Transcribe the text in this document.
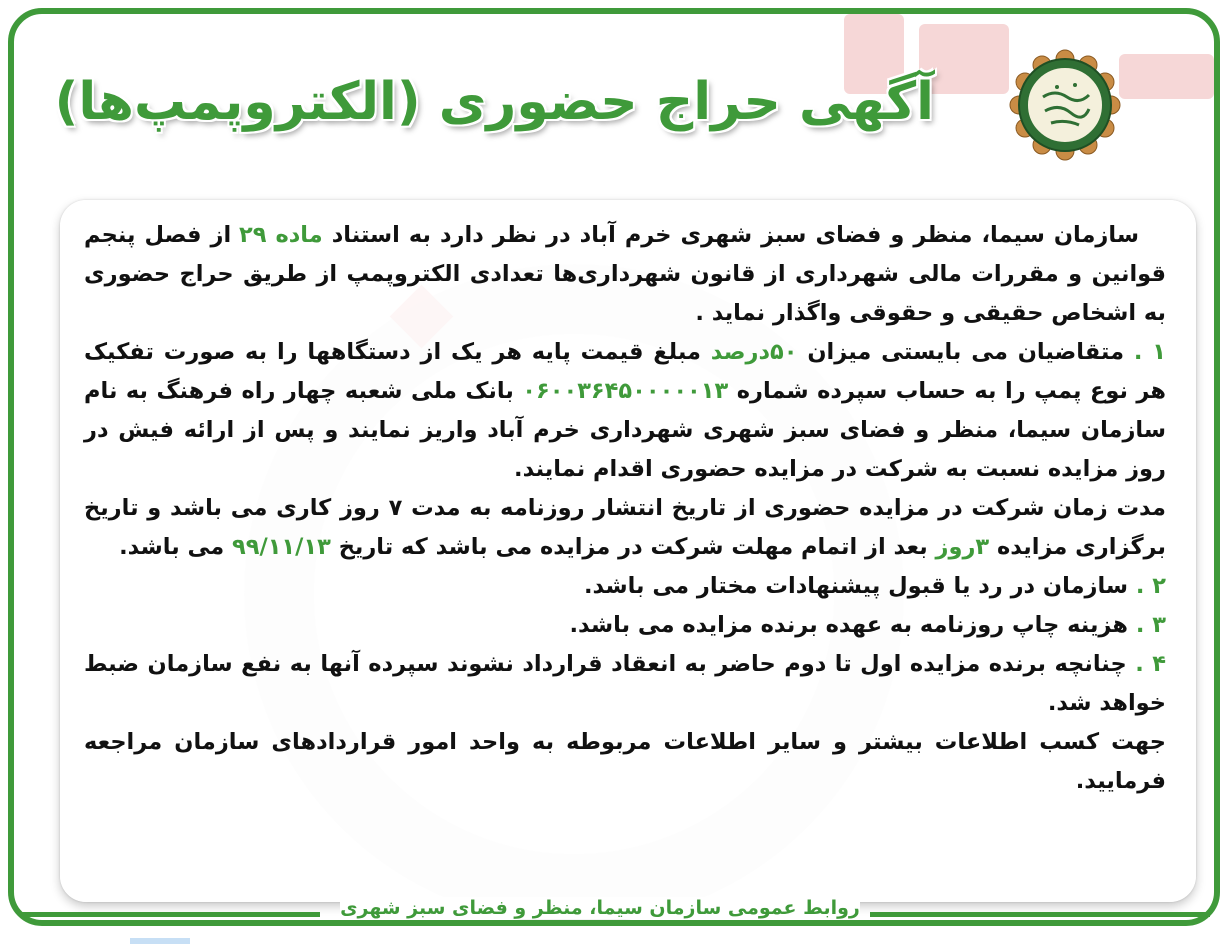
آگهی حراج حضوری (الکتروپمپ‌ها)

سازمان سیما، منظر و فضای سبز شهری خرم آباد در نظر دارد به استناد ماده ۲۹ از فصل پنجم قوانین و مقررات مالی شهرداری از قانون شهرداری‌ها تعدادی الکتروپمپ از طریق حراج حضوری به اشخاص حقیقی و حقوقی واگذار نماید .

۱ . متقاضیان می بایستی میزان ۵۰درصد مبلغ قیمت پایه هر یک از دستگاهها را به صورت تفکیک هر نوع پمپ را به حساب سپرده شماره ۰۶۰۰۳۶۴۵۰۰۰۰۰۱۳ بانک ملی شعبه چهار راه فرهنگ به نام سازمان سیما، منظر و فضای سبز شهری شهرداری خرم آباد واریز نمایند و پس از ارائه فیش در روز مزایده نسبت به شرکت در مزایده حضوری اقدام نمایند.

مدت زمان شرکت در مزایده حضوری از تاریخ انتشار روزنامه به مدت ۷ روز کاری می باشد و تاریخ برگزاری مزایده ۳روز بعد از اتمام مهلت شرکت در مزایده می باشد که تاریخ ۹۹/۱۱/۱۳ می باشد.

۲ . سازمان در رد یا قبول پیشنهادات مختار می باشد.

۳ . هزینه چاپ روزنامه به عهده برنده مزایده می باشد.

۴ . چنانچه برنده مزایده اول تا دوم حاضر به انعقاد قرارداد نشوند سپرده آنها به نفع سازمان ضبط خواهد شد.

جهت کسب اطلاعات بیشتر و سایر اطلاعات مربوطه به واحد امور قراردادهای سازمان مراجعه فرمایید.

روابط عمومی سازمان سیما، منظر و فضای سبز شهری
